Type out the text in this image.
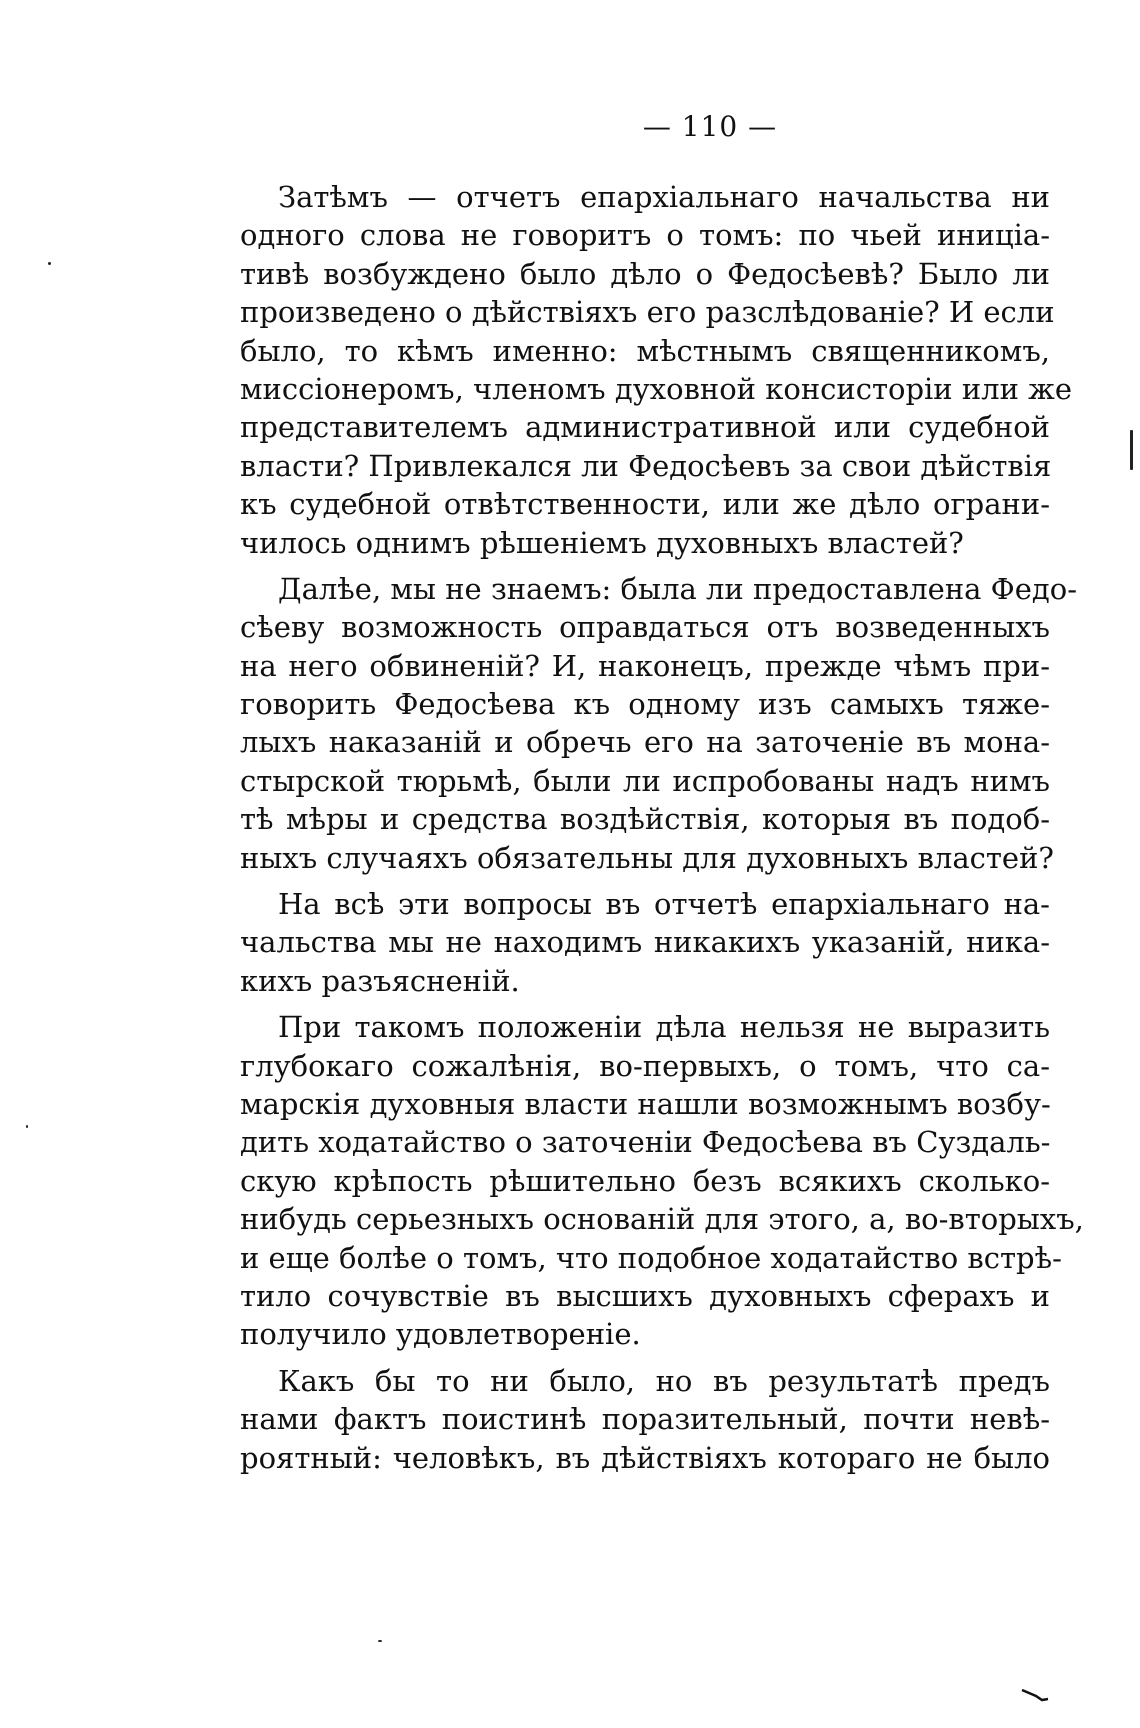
— 110 —
Затѣмъ — отчетъ епархіальнаго начальства ни
одного слова не говоритъ о томъ: по чьей иниціа-
тивѣ возбуждено было дѣло о Федосѣевѣ? Было ли
произведено о дѣйствіяхъ его разслѣдованіе? И если
было, то кѣмъ именно: мѣстнымъ священникомъ,
миссіонеромъ, членомъ духовной консисторіи или же
представителемъ административной или судебной
власти? Привлекался ли Федосѣевъ за свои дѣйствія
къ судебной отвѣтственности, или же дѣло ограни-
чилось однимъ рѣшеніемъ духовныхъ властей?
Далѣе, мы не знаемъ: была ли предоставлена Федо-
сѣеву возможность оправдаться отъ возведенныхъ
на него обвиненій? И, наконецъ, прежде чѣмъ при-
говорить Федосѣева къ одному изъ самыхъ тяже-
лыхъ наказаній и обречь его на заточеніе въ мона-
стырской тюрьмѣ, были ли испробованы надъ нимъ
тѣ мѣры и средства воздѣйствія, которыя въ подоб-
ныхъ случаяхъ обязательны для духовныхъ властей?
На всѣ эти вопросы въ отчетѣ епархіальнаго на-
чальства мы не находимъ никакихъ указаній, ника-
кихъ разъясненій.
При такомъ положеніи дѣла нельзя не выразить
глубокаго сожалѣнія, во-первыхъ, о томъ, что са-
марскія духовныя власти нашли возможнымъ возбу-
дить ходатайство о заточеніи Федосѣева въ Суздаль-
скую крѣпость рѣшительно безъ всякихъ сколько-
нибудь серьезныхъ основаній для этого, а, во-вторыхъ,
и еще болѣе о томъ, что подобное ходатайство встрѣ-
тило сочувствіе въ высшихъ духовныхъ сферахъ и
получило удовлетвореніе.
Какъ бы то ни было, но въ результатѣ предъ
нами фактъ поистинѣ поразительный, почти невѣ-
роятный: человѣкъ, въ дѣйствіяхъ котораго не было
